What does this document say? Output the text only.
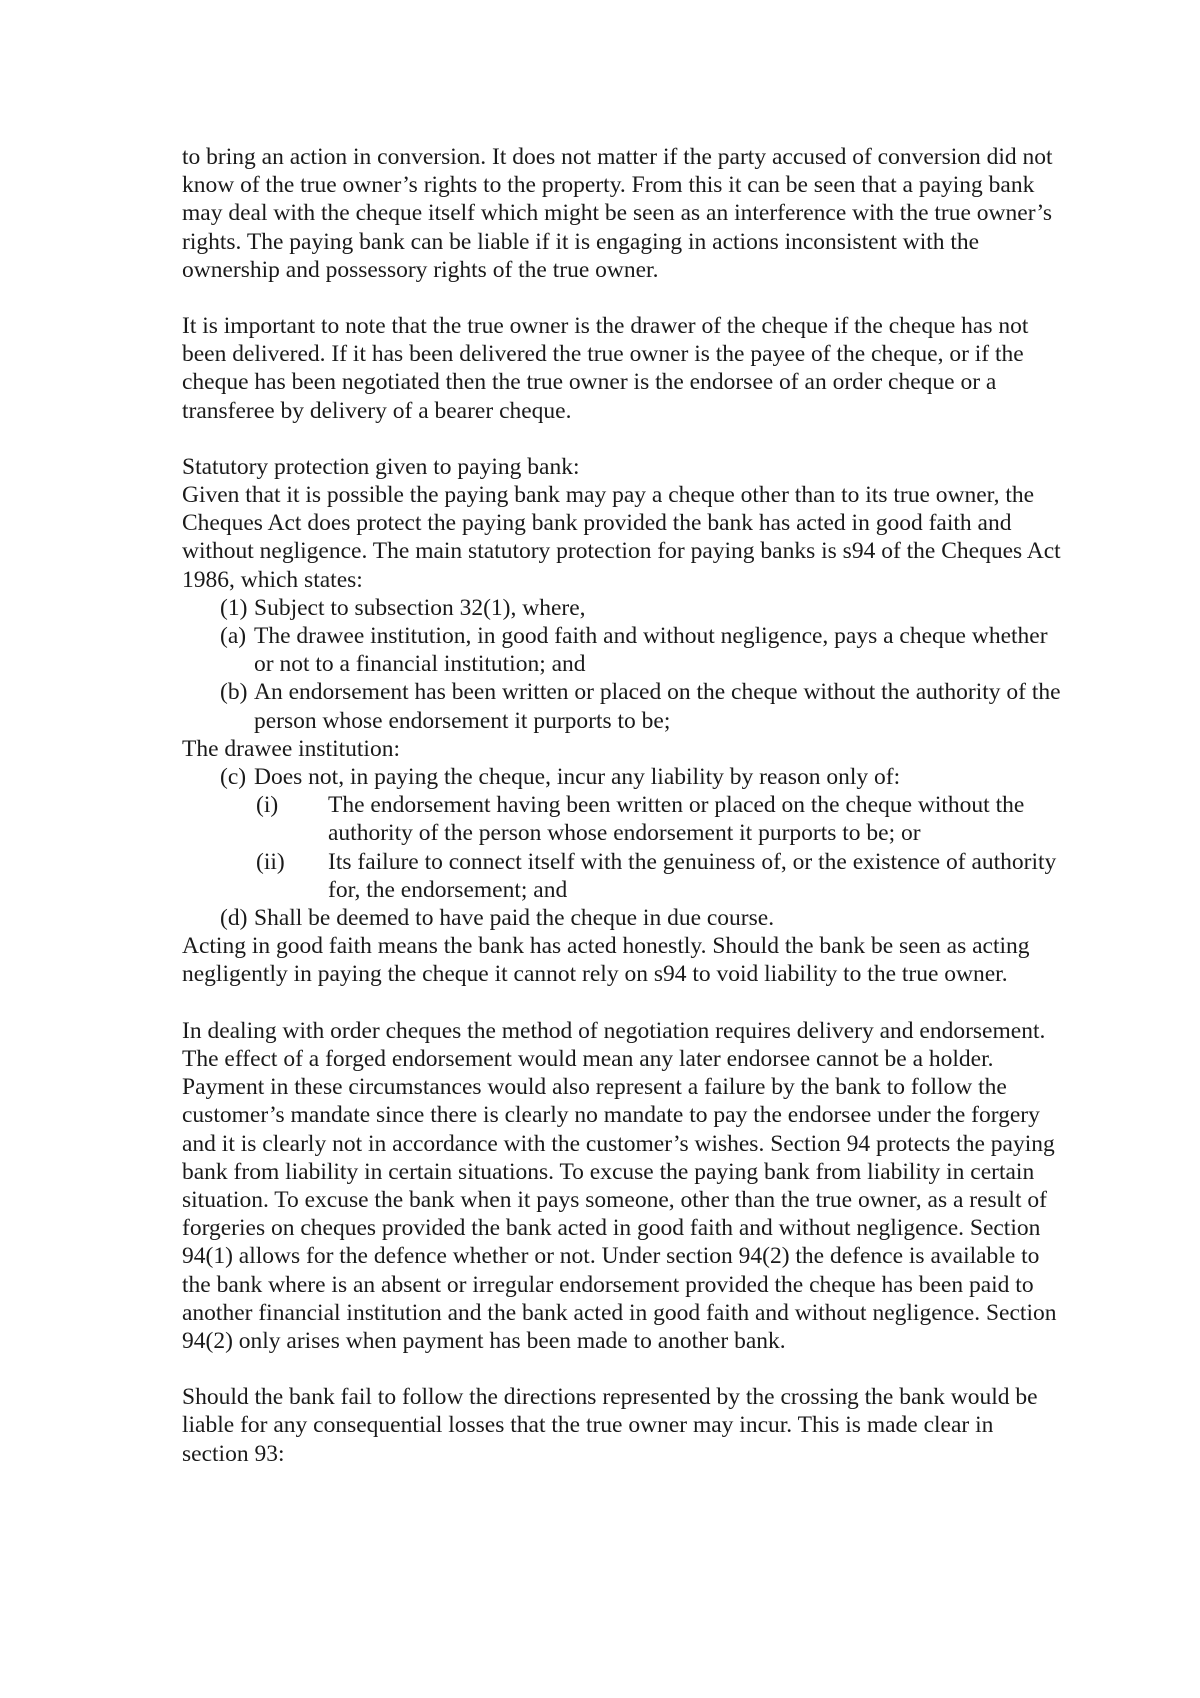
to bring an action in conversion. It does not matter if the party accused of conversion did not know of the true owner’s rights to the property. From this it can be seen that a paying bank may deal with the cheque itself which might be seen as an interference with the true owner’s rights. The paying bank can be liable if it is engaging in actions inconsistent with the ownership and possessory rights of the true owner.

It is important to note that the true owner is the drawer of the cheque if the cheque has not been delivered. If it has been delivered the true owner is the payee of the cheque, or if the cheque has been negotiated then the true owner is the endorsee of an order cheque or a transferee by delivery of a bearer cheque.

Statutory protection given to paying bank:

Given that it is possible the paying bank may pay a cheque other than to its true owner, the Cheques Act does protect the paying bank provided the bank has acted in good faith and without negligence. The main statutory protection for paying banks is s94 of the Cheques Act 1986, which states:

(1) Subject to subsection 32(1), where,
(a) The drawee institution, in good faith and without negligence, pays a cheque whether or not to a financial institution; and
(b) An endorsement has been written or placed on the cheque without the authority of the person whose endorsement it purports to be;

The drawee institution:

(c) Does not, in paying the cheque, incur any liability by reason only of:
(i) The endorsement having been written or placed on the cheque without the authority of the person whose endorsement it purports to be; or
(ii) Its failure to connect itself with the genuiness of, or the existence of authority for, the endorsement; and
(d) Shall be deemed to have paid the cheque in due course.

Acting in good faith means the bank has acted honestly. Should the bank be seen as acting negligently in paying the cheque it cannot rely on s94 to void liability to the true owner.

In dealing with order cheques the method of negotiation requires delivery and endorsement. The effect of a forged endorsement would mean any later endorsee cannot be a holder. Payment in these circumstances would also represent a failure by the bank to follow the customer’s mandate since there is clearly no mandate to pay the endorsee under the forgery and it is clearly not in accordance with the customer’s wishes. Section 94 protects the paying bank from liability in certain situations. To excuse the paying bank from liability in certain situation. To excuse the bank when it pays someone, other than the true owner, as a result of forgeries on cheques provided the bank acted in good faith and without negligence. Section 94(1) allows for the defence whether or not. Under section 94(2) the defence is available to the bank where is an absent or irregular endorsement provided the cheque has been paid to another financial institution and the bank acted in good faith and without negligence. Section 94(2) only arises when payment has been made to another bank.

Should the bank fail to follow the directions represented by the crossing the bank would be liable for any consequential losses that the true owner may incur. This is made clear in section 93:
